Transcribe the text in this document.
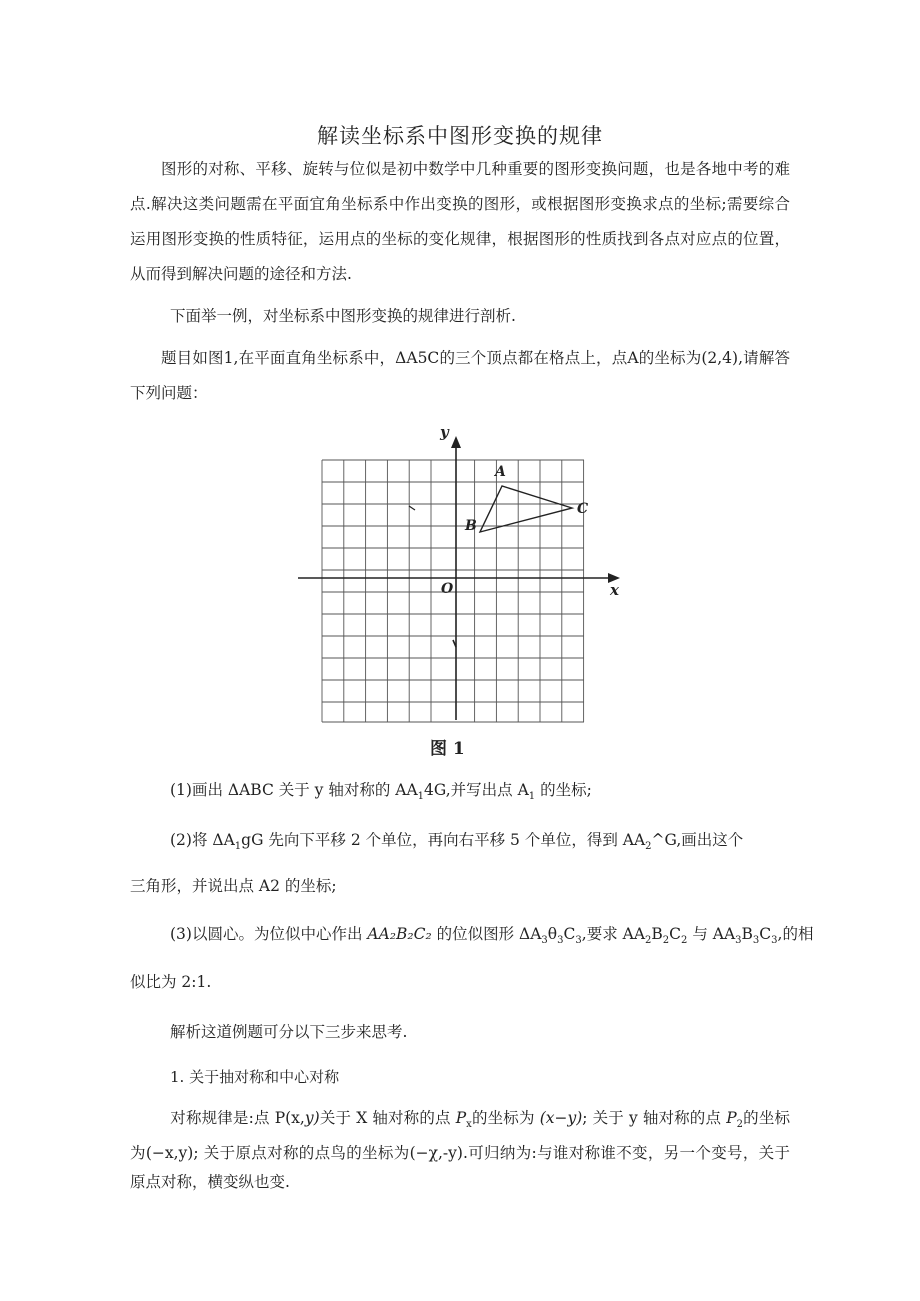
解读坐标系中图形变换的规律
图形的对称、平移、旋转与位似是初中数学中几种重要的图形变换问题，也是各地中考的难点.解决这类问题需在平面宜角坐标系中作出变换的图形，或根据图形变换求点的坐标;需要综合运用图形变换的性质特征，运用点的坐标的变化规律，根据图形的性质找到各点对应点的位置，从而得到解决问题的途径和方法.
下面举一例，对坐标系中图形变换的规律进行剖析.
题目如图1,在平面直角坐标系中，ΔA5C的三个顶点都在格点上，点A的坐标为(2,4),请解答下列问题：
y
x
O
A
B
C
图 1
(1)画出 ΔABC 关于 y 轴对称的 $AA_14G$,并写出点 $A_1$ 的坐标;
(2)将 $\Delta A_1gG$ 先向下平移 2 个单位，再向右平移 5 个单位，得到 $AA_2\^{}G$,画出这个
三角形，并说出点 A2 的坐标;
(3)以圆心。为位似中心作出 AA₂B₂C₂ 的位似图形 $\Delta A_3\theta_3C_3$,要求 $AA_2B_2C_2$ 与 $AA_3B_3C_3$,的相
似比为 2:1.
解析这道例题可分以下三步来思考.
1. 关于抽对称和中心对称
对称规律是:点 P(x,y)关于 X 轴对称的点 $P_x$的坐标为 (x−y); 关于 y 轴对称的点 $P_2$的坐标为(−x,y); 关于原点对称的点鸟的坐标为(−χ,-y).可归纳为:与谁对称谁不变，另一个变号，关于原点对称，横变纵也变.
